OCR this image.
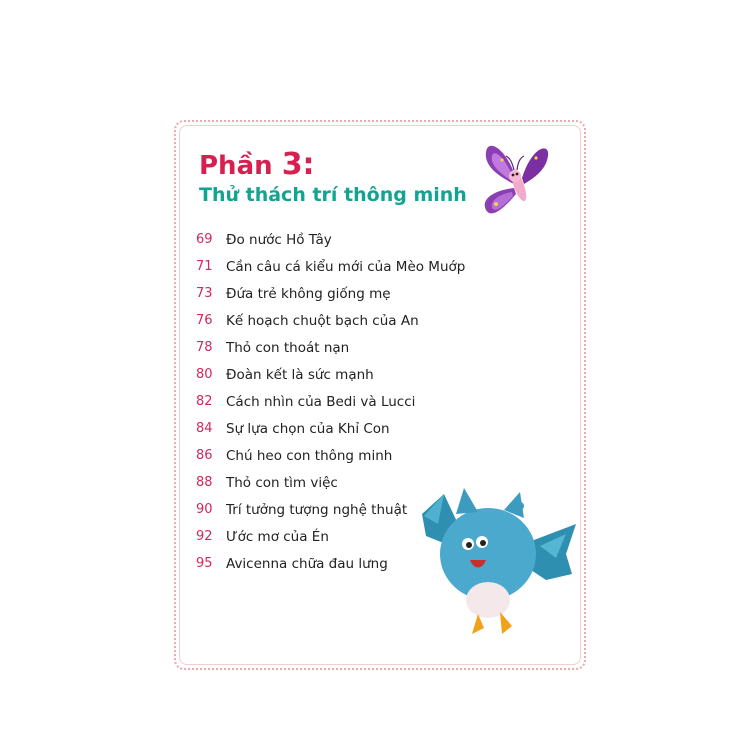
Phần 3:
Thử thách trí thông minh
69 Đo nước Hồ Tây
71 Cần câu cá kiểu mới của Mèo Muớp
73 Đứa trẻ không giống mẹ
76 Kế hoạch chuột bạch của An
78 Thỏ con thoát nạn
80 Đoàn kết là sức mạnh
82 Cách nhìn của Bedi và Lucci
84 Sự lựa chọn của Khỉ Con
86 Chú heo con thông minh
88 Thỏ con tìm việc
90 Trí tưởng tượng nghệ thuật
92 Ước mơ của Én
95 Avicenna chữa đau lưng
